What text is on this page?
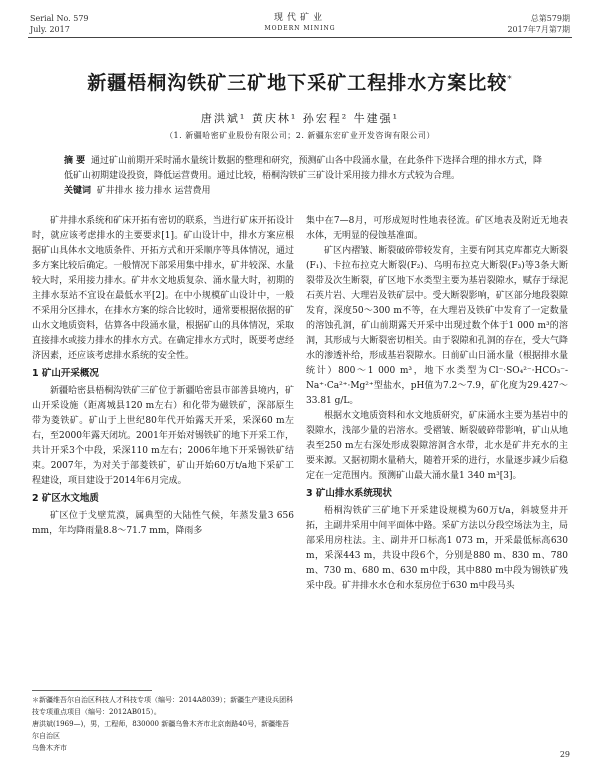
Serial No. 579
July. 2017
现代矿业
MODERN MINING
总第579期
2017年7月第7期
新疆梧桐沟铁矿三矿地下采矿工程排水方案比较*
唐洪斌¹ 黄庆林¹ 孙宏程² 牛建强¹
（1. 新疆哈密矿业股份有限公司；2. 新疆东宏矿业开发咨询有限公司）

摘 要 通过矿山前期开采时涌水量统计数据的整理和研究，预测矿山各中段涌水量，在此条件下选择合理的排水方式，降低矿山初期建设投资，降低运营费用。通过比较，梧桐沟铁矿三矿设计采用接力排水方式较为合理。

关键词 矿井排水 接力排水 运营费用

矿井排水系统和矿床开拓有密切的联系，当进行矿床开拓设计时，就应该考虑排水的主要要求[1]。矿山设计中，排水方案应根据矿山具体水文地质条件、开拓方式和开采顺序等具体情况，通过多方案比较后确定。一般情况下部采用集中排水，矿井较深、水量较大时，采用接力排水。矿井水文地质复杂、涌水量大时，初期的主排水泵站不宜设在最低水平[2]。在中小规模矿山设计中，一般不采用分区排水，在排水方案的综合比较时，通常要根据依据的矿山水文地质资料，估算各中段涌水量，根据矿山的具体情况，采取直接排水或接力排水的排水方式。在确定排水方式时，既要考虑经济因素，还应该考虑排水系统的安全性。

1 矿山开采概况

新疆哈密县梧桐沟铁矿三矿位于新疆哈密县市部善县境内，矿山开采设施（距离城县120 m左右）和化带为磁铁矿，深部原生带为菱铁矿。矿山于上世纪80年代开始露天开采，采深60 m左右，至2000年露天闭坑。2001年开始对锡铁矿的地下开采工作，共计开采3个中段，采深110 m左右；2006年地下开采锡铁矿结束。2007年，为对关于部菱铁矿，矿山开始60万t/a地下采矿工程建设，项目建设于2014年6月完成。

2 矿区水文地质

矿区位于戈壁荒漠，属典型的大陆性气候，年蒸发量3 656 mm，年均降雨量8.8～71.7 mm，降雨多

＊新疆维吾尔自治区科技人才科技专项（编号：2014A8039）；新疆生产建设兵团科技专项重点项目（编号：2012AB015）。

唐洪斌(1969—)，男，工程师，830000 新疆乌鲁木齐市北京南路40号，新疆维吾尔自治区

乌鲁木齐市

集中在7—8月，可形成短时性地表径流。矿区地表及附近无地表水体，无明显的侵蚀基准面。

矿区内褶皱、断裂破碎带较发育，主要有阿其克库都克大断裂(F₁)、卡拉布拉克大断裂(F₂)、乌明布拉克大断裂(F₃)等3条大断裂带及次生断裂，矿区地下水类型主要为基岩裂隙水，赋存于绿泥石英片岩、大理岩及铁矿层中。受大断裂影响，矿区部分地段裂隙发育，深度50～300 m不等，在大理岩及铁矿中发育了一定数量的溶蚀孔洞，矿山前期露天开采中出现过数个体于1 000 m³的溶洞，其形成与大断裂密切相关。由于裂隙和孔洞的存在，受大气降水的渗透补给，形成基岩裂隙水。日前矿山日涌水量（根据排水量统计）800～1 000 m³，地下水类型为Cl⁻·SO₄²⁻·HCO₃⁻-Na⁺·Ca²⁺·Mg²⁺型盐水，pH值为7.2～7.9，矿化度为29.427～33.81 g/L。

根据水文地质资料和水文地质研究，矿床涌水主要为基岩中的裂隙水，浅部少量的岩溶水。受褶皱、断裂破碎带影响，矿山从地表至250 m左右深处形成裂隙溶洞含水带，北水是矿井充水的主要来源。又据初期水量稍大，随着开采的进行，水量逐步减少后稳定在一定范围内。预测矿山最大涌水量1 340 m³[3]。

3 矿山排水系统现状

梧桐沟铁矿三矿地下开采建设规模为60万t/a，斜坡竖井开拓，主副井采用中间平面体中路。采矿方法以分段空场法为主，局部采用房柱法。主、副井开口标高1 073 m，开采最低标高630 m，采深443 m，共设中段6个，分别是880 m、830 m、780 m、730 m、680 m、630 m中段，其中880 m中段为锡铁矿残采中段。矿井排水水仓和水泵房位于630 m中段马头

29
